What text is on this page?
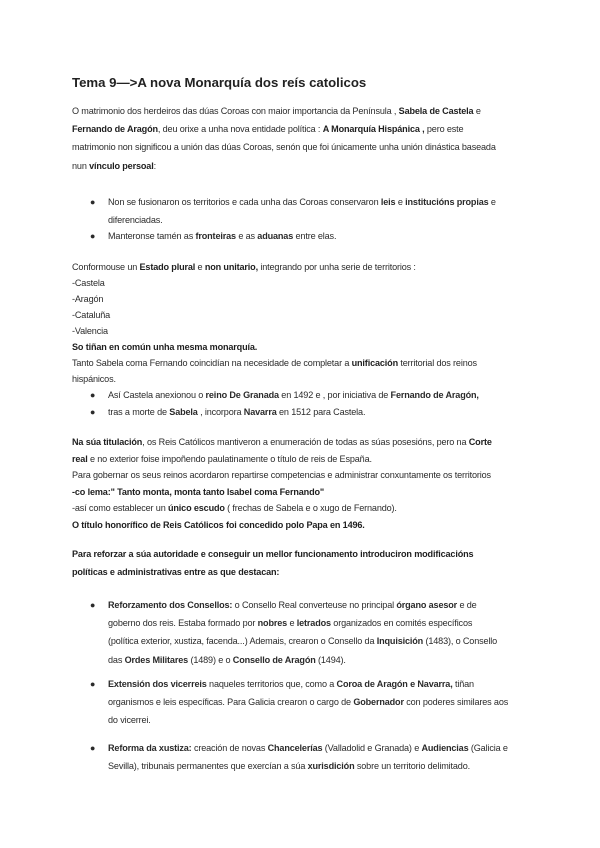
Tema 9—>A nova Monarquía dos reís catolicos
O matrimonio dos herdeiros das dúas Coroas con maior importancia da Península , Sabela de Castela e
Fernando de Aragón, deu orixe a unha nova entidade política : A Monarquía Hispánica , pero este
matrimonio non significou a unión das dúas Coroas, senón que foi únicamente unha unión dinástica baseada
nun vínculo persoal:
●	Non se fusionaron os territorios e cada unha das Coroas conservaron leis e institucións propias e
diferenciadas.
●	Manteronse tamén as fronteiras e as aduanas entre elas.
Conformouse un Estado plural e non unitario, integrando por unha serie de territorios :
-Castela
-Aragón
-Cataluña
-Valencia
So tiñan en común unha mesma monarquía.
Tanto Sabela coma Fernando coincidían na necesidade de completar a unificación territorial dos reinos
hispánicos.
●	Así Castela anexionou o reino De Granada en 1492 e , por iniciativa de Fernando de Aragón,
●	tras a morte de Sabela , incorpora Navarra en 1512 para Castela.
Na súa titulación, os Reis Católicos mantiveron a enumeración de todas as súas posesións, pero na Corte
real e no exterior foise impoñendo paulatinamente o título de reis de España.
Para gobernar os seus reinos acordaron repartirse competencias e administrar conxuntamente os territorios
-co lema:" Tanto monta, monta tanto Isabel coma Fernando"
-así como establecer un único escudo ( frechas de Sabela e o xugo de Fernando).
O título honorífico de Reis Católicos foi concedido polo Papa en 1496.
Para reforzar a súa autoridade e conseguir un mellor funcionamento introduciron modificacións
políticas e administrativas entre as que destacan:
●	Reforzamento dos Consellos: o Consello Real converteuse no principal órgano asesor e de
goberno dos reis. Estaba formado por nobres e letrados organizados en comités específicos
(política exterior, xustiza, facenda...) Ademais, crearon o Consello da Inquisición (1483), o Consello
das Ordes Militares (1489) e o Consello de Aragón (1494).
●	Extensión dos vicerreis naqueles territorios que, como a Coroa de Aragón e Navarra, tiñan
organismos e leis específicas. Para Galicia crearon o cargo de Gobernador con poderes similares aos
do vicerrei.
●	Reforma da xustiza: creación de novas Chancelerías (Valladolid e Granada) e Audiencias (Galicia e
Sevilla), tribunais permanentes que exercían a súa xurisdición sobre un territorio delimitado.
